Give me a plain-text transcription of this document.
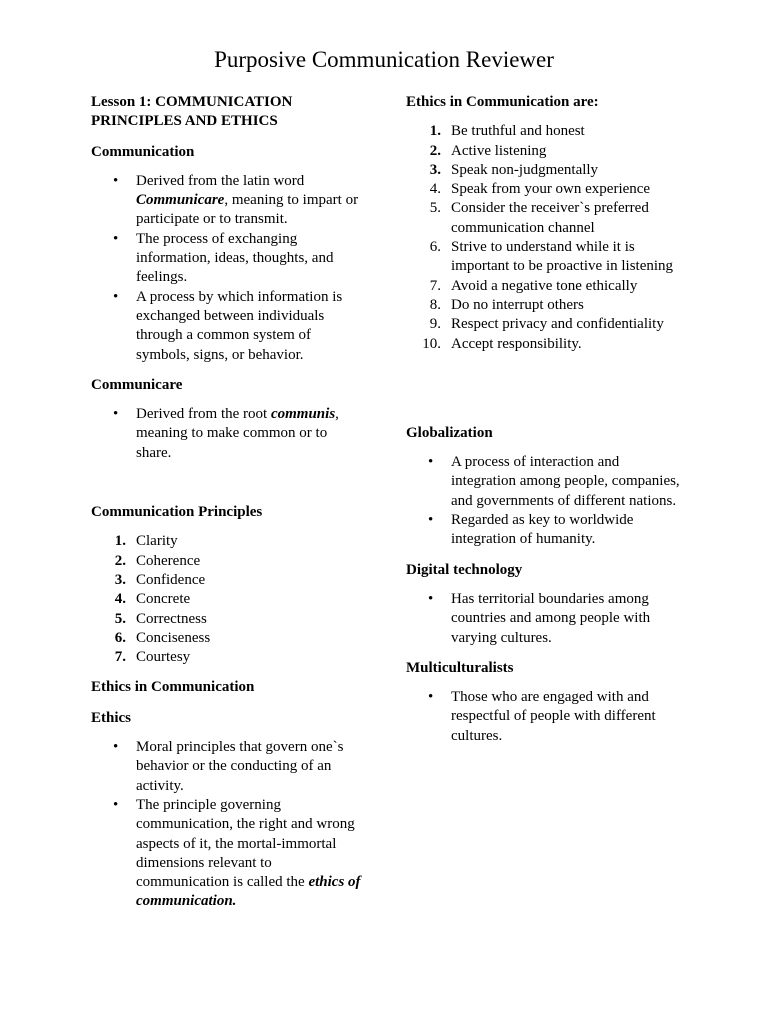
Purposive Communication Reviewer

Lesson 1: COMMUNICATION PRINCIPLES AND ETHICS

Communication

• Derived from the latin word Communicare, meaning to impart or participate or to transmit.
• The process of exchanging information, ideas, thoughts, and feelings.
• A process by which information is exchanged between individuals through a common system of symbols, signs, or behavior.

Communicare

• Derived from the root communis, meaning to make common or to share.

Communication Principles

1. Clarity
2. Coherence
3. Confidence
4. Concrete
5. Correctness
6. Conciseness
7. Courtesy

Ethics in Communication

Ethics

• Moral principles that govern one`s behavior or the conducting of an activity.
• The principle governing communication, the right and wrong aspects of it, the mortal-immortal dimensions relevant to communication is called the ethics of communication.

Ethics in Communication are:

1. Be truthful and honest
2. Active listening
3. Speak non-judgmentally
4. Speak from your own experience
5. Consider the receiver`s preferred communication channel
6. Strive to understand while it is important to be proactive in listening
7. Avoid a negative tone ethically
8. Do no interrupt others
9. Respect privacy and confidentiality
10. Accept responsibility.

Globalization

• A process of interaction and integration among people, companies, and governments of different nations.
• Regarded as key to worldwide integration of humanity.

Digital technology

• Has territorial boundaries among countries and among people with varying cultures.

Multiculturalists

• Those who are engaged with and respectful of people with different cultures.
